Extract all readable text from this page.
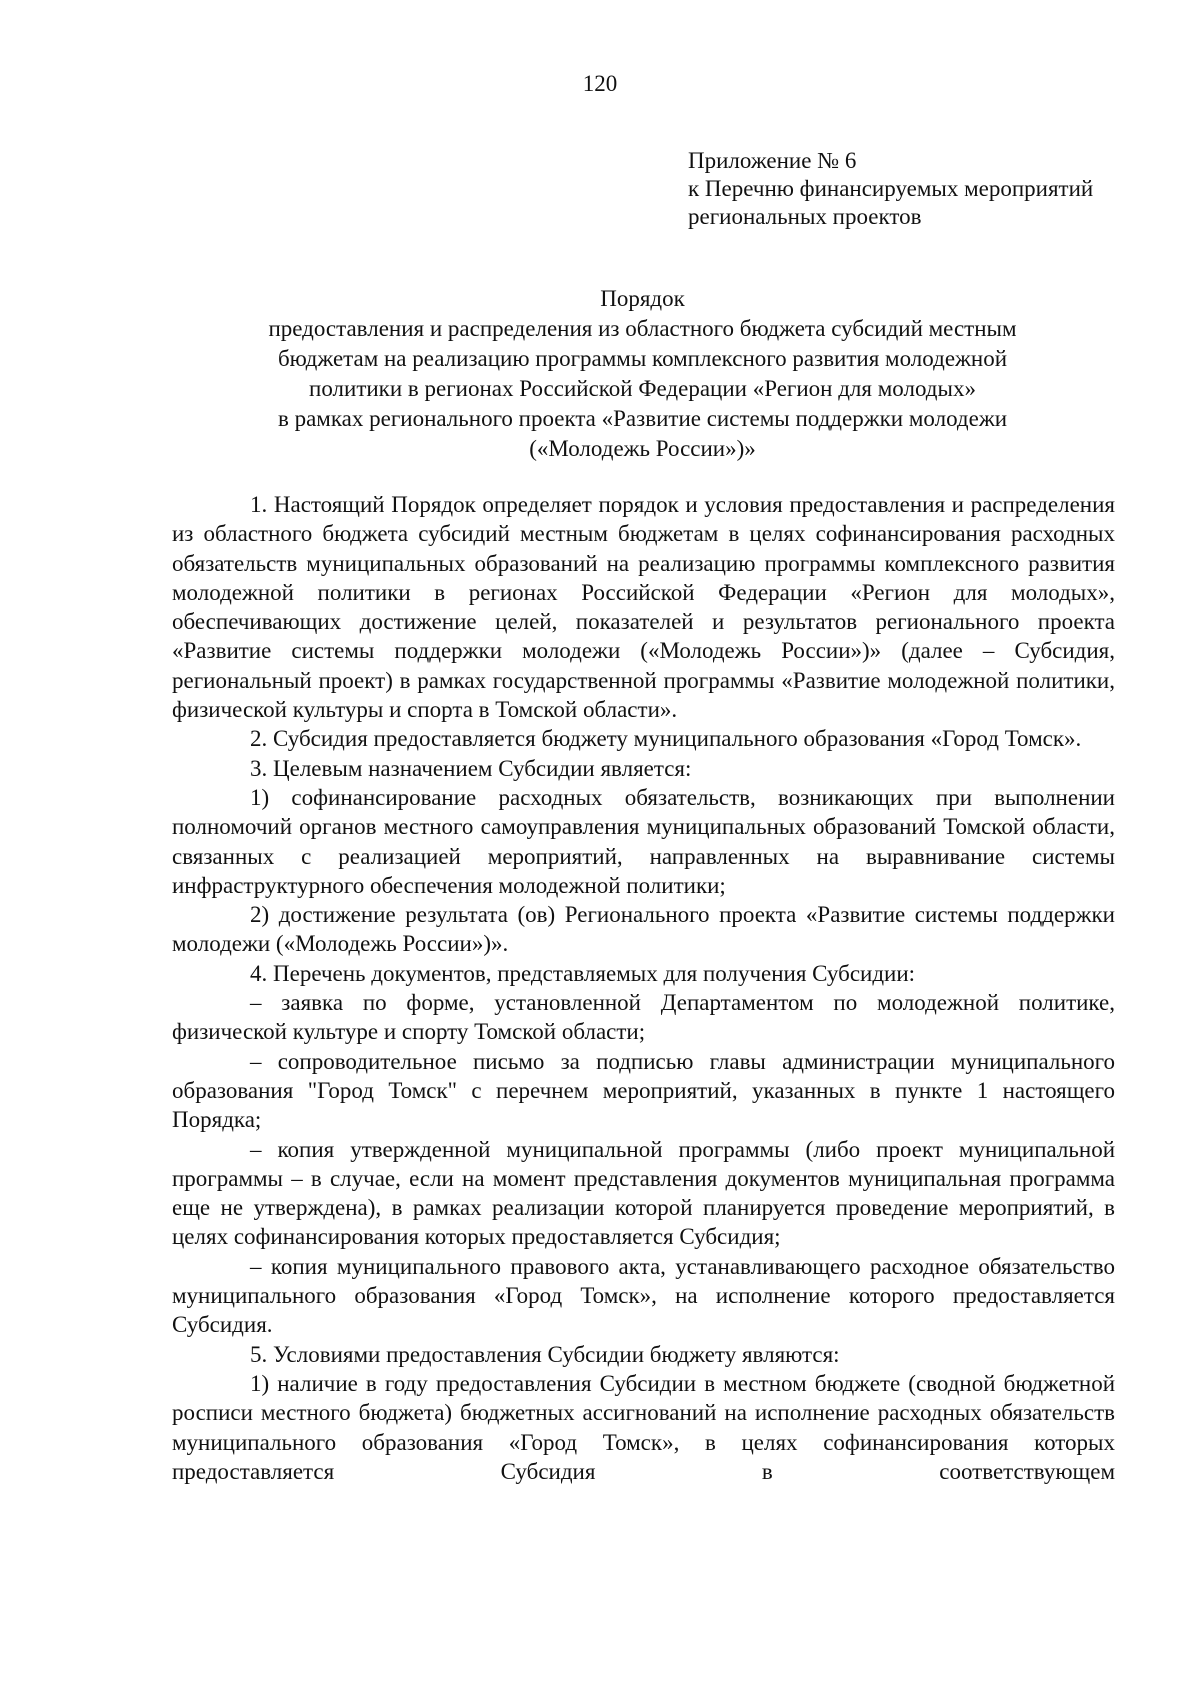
120
Приложение № 6
к Перечню финансируемых мероприятий
региональных проектов
Порядок
предоставления и распределения из областного бюджета субсидий местным
бюджетам на реализацию программы комплексного развития молодежной
политики в регионах Российской Федерации «Регион для молодых»
в рамках регионального проекта «Развитие системы поддержки молодежи
(«Молодежь России»)»

1. Настоящий Порядок определяет порядок и условия предоставления и распределения из областного бюджета субсидий местным бюджетам в целях софинансирования расходных обязательств муниципальных образований на реализацию программы комплексного развития молодежной политики в регионах Российской Федерации «Регион для молодых», обеспечивающих достижение целей, показателей и результатов регионального проекта «Развитие системы поддержки молодежи («Молодежь России»)» (далее – Субсидия, региональный проект) в рамках государственной программы «Развитие молодежной политики, физической культуры и спорта в Томской области».

2. Субсидия предоставляется бюджету муниципального образования «Город Томск».

3. Целевым назначением Субсидии является:

1) софинансирование расходных обязательств, возникающих при выполнении полномочий органов местного самоуправления муниципальных образований Томской области, связанных с реализацией мероприятий, направленных на выравнивание системы инфраструктурного обеспечения молодежной политики;

2) достижение результата (ов) Регионального проекта «Развитие системы поддержки молодежи («Молодежь России»)».

4. Перечень документов, представляемых для получения Субсидии:

– заявка по форме, установленной Департаментом по молодежной политике, физической культуре и спорту Томской области;

– сопроводительное письмо за подписью главы администрации муниципального образования "Город Томск" с перечнем мероприятий, указанных в пункте 1 настоящего Порядка;

– копия утвержденной муниципальной программы (либо проект муниципальной программы – в случае, если на момент представления документов муниципальная программа еще не утверждена), в рамках реализации которой планируется проведение мероприятий, в целях софинансирования которых предоставляется Субсидия;

– копия муниципального правового акта, устанавливающего расходное обязательство муниципального образования «Город Томск», на исполнение которого предоставляется Субсидия.

5. Условиями предоставления Субсидии бюджету являются:

1) наличие в году предоставления Субсидии в местном бюджете (сводной бюджетной росписи местного бюджета) бюджетных ассигнований на исполнение расходных обязательств муниципального образования «Город Томск», в целях софинансирования которых предоставляется Субсидия в соответствующем
